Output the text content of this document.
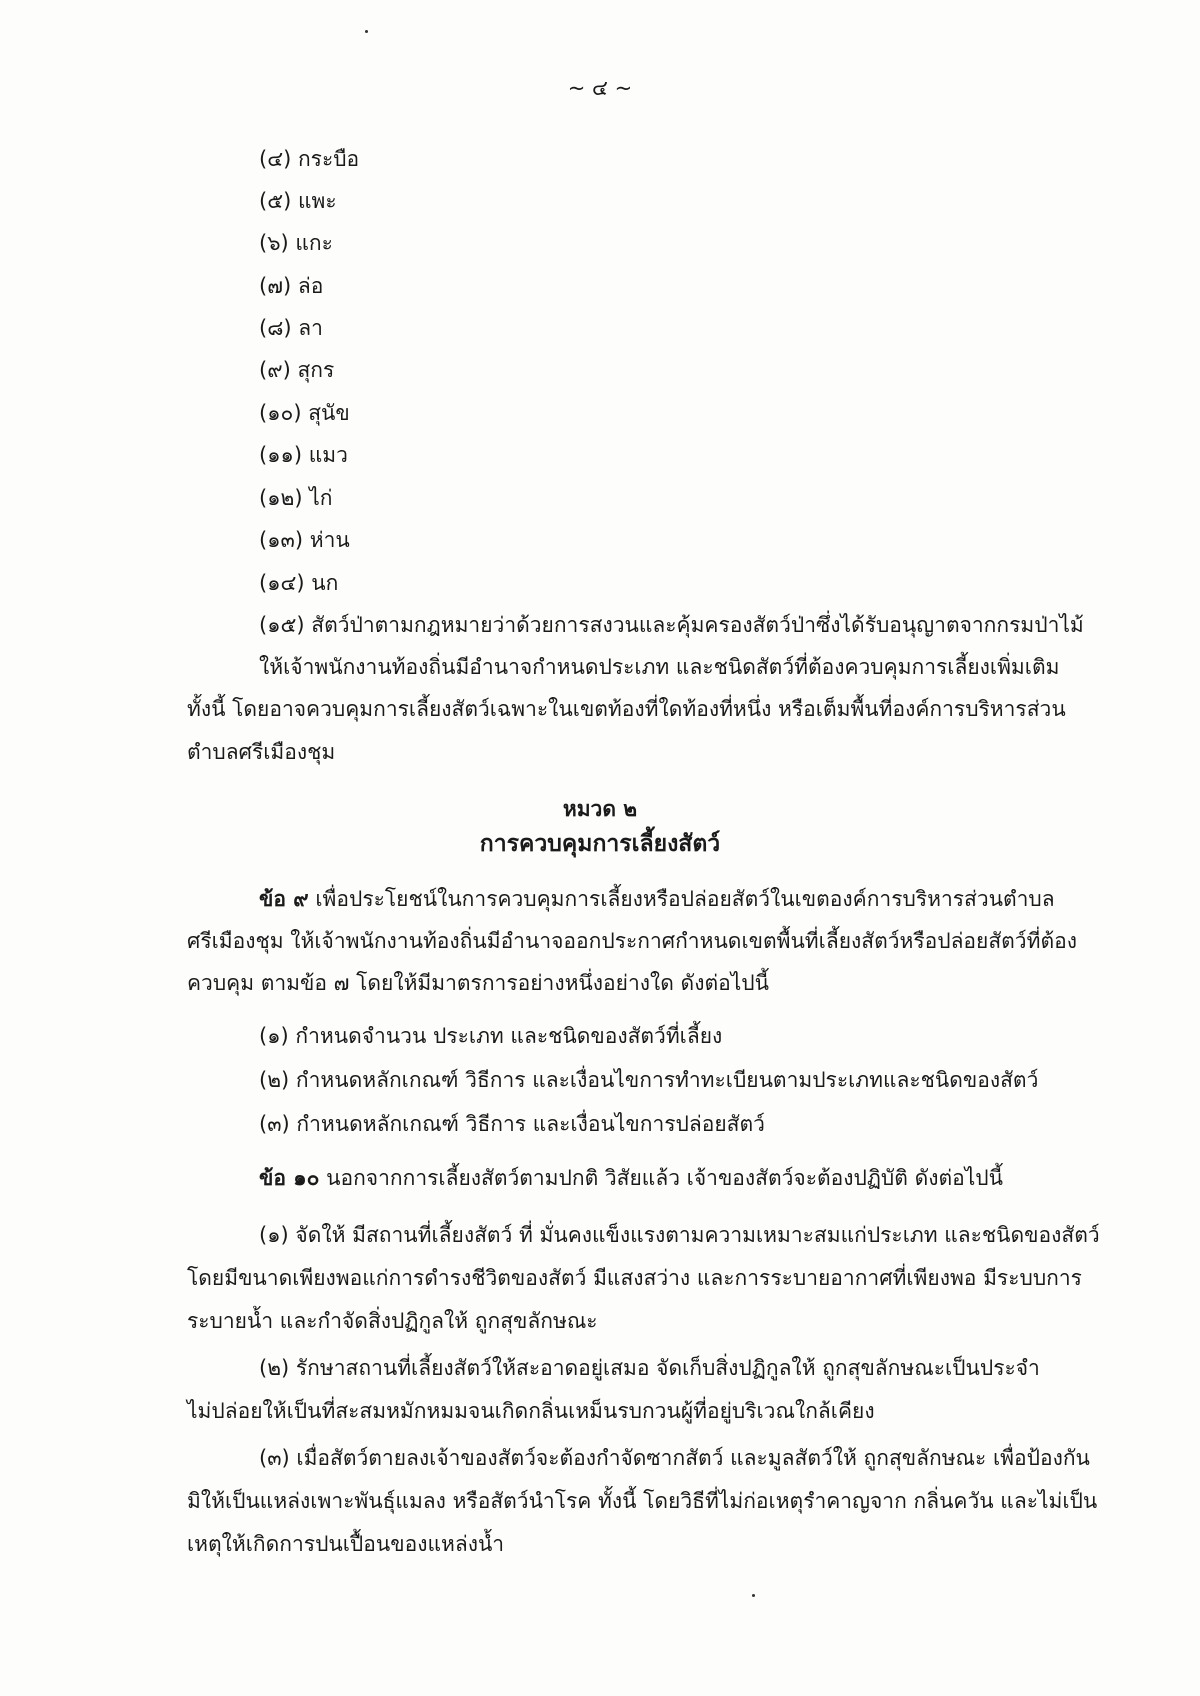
~ ๔ ~
(๔) กระบือ
(๕) แพะ
(๖) แกะ
(๗) ล่อ
(๘) ลา
(๙) สุกร
(๑๐) สุนัข
(๑๑) แมว
(๑๒) ไก่
(๑๓) ห่าน
(๑๔) นก
(๑๕) สัตว์ป่าตามกฎหมายว่าด้วยการสงวนและคุ้มครองสัตว์ป่าซึ่งได้รับอนุญาตจากกรมป่าไม้
ให้เจ้าพนักงานท้องถิ่นมีอำนาจกำหนดประเภท และชนิดสัตว์ที่ต้องควบคุมการเลี้ยงเพิ่มเติม
ทั้งนี้ โดยอาจควบคุมการเลี้ยงสัตว์เฉพาะในเขตท้องที่ใดท้องที่หนึ่ง หรือเต็มพื้นที่องค์การบริหารส่วน
ตำบลศรีเมืองชุม
หมวด ๒
การควบคุมการเลี้ยงสัตว์
ข้อ ๙ เพื่อประโยชน์ในการควบคุมการเลี้ยงหรือปล่อยสัตว์ในเขตองค์การบริหารส่วนตำบล
ศรีเมืองชุม ให้เจ้าพนักงานท้องถิ่นมีอำนาจออกประกาศกำหนดเขตพื้นที่เลี้ยงสัตว์หรือปล่อยสัตว์ที่ต้อง
ควบคุม ตามข้อ ๗ โดยให้มีมาตรการอย่างหนึ่งอย่างใด ดังต่อไปนี้
(๑) กำหนดจำนวน ประเภท และชนิดของสัตว์ที่เลี้ยง
(๒) กำหนดหลักเกณฑ์ วิธีการ และเงื่อนไขการทำทะเบียนตามประเภทและชนิดของสัตว์
(๓) กำหนดหลักเกณฑ์ วิธีการ และเงื่อนไขการปล่อยสัตว์
ข้อ ๑๐ นอกจากการเลี้ยงสัตว์ตามปกติ วิสัยแล้ว เจ้าของสัตว์จะต้องปฏิบัติ ดังต่อไปนี้
(๑) จัดให้ มีสถานที่เลี้ยงสัตว์ ที่ มั่นคงแข็งแรงตามความเหมาะสมแก่ประเภท และชนิดของสัตว์
โดยมีขนาดเพียงพอแก่การดำรงชีวิตของสัตว์ มีแสงสว่าง และการระบายอากาศที่เพียงพอ มีระบบการ
ระบายน้ำ และกำจัดสิ่งปฏิกูลให้ ถูกสุขลักษณะ
(๒) รักษาสถานที่เลี้ยงสัตว์ให้สะอาดอยู่เสมอ จัดเก็บสิ่งปฏิกูลให้ ถูกสุขลักษณะเป็นประจำ
ไม่ปล่อยให้เป็นที่สะสมหมักหมมจนเกิดกลิ่นเหม็นรบกวนผู้ที่อยู่บริเวณใกล้เคียง
(๓) เมื่อสัตว์ตายลงเจ้าของสัตว์จะต้องกำจัดซากสัตว์ และมูลสัตว์ให้ ถูกสุขลักษณะ เพื่อป้องกัน
มิให้เป็นแหล่งเพาะพันธุ์แมลง หรือสัตว์นำโรค ทั้งนี้ โดยวิธีที่ไม่ก่อเหตุรำคาญจาก กลิ่นควัน และไม่เป็น
เหตุให้เกิดการปนเปื้อนของแหล่งน้ำ
